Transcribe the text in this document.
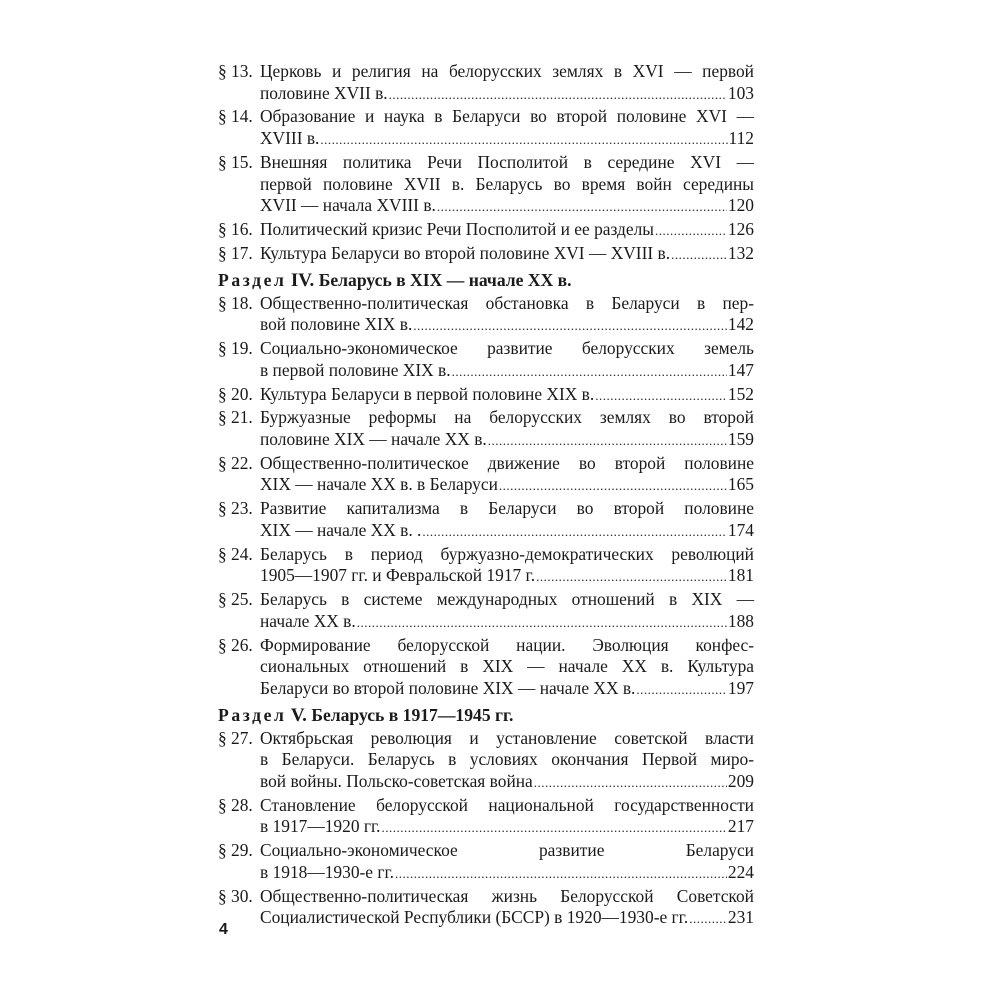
§ 13. Церковь и религия на белорусских землях в XVI — первой
половине XVII в. .....	103
§ 14. Образование и наука в Беларуси во второй половине XVI —
XVIII в. .....	112
§ 15. Внешняя политика Речи Посполитой в середине XVI —
первой половине XVII в. Беларусь во время войн середины
XVII — начала XVIII в. .....	120
§ 16. Политический кризис Речи Посполитой и ее разделы .....	126
§ 17. Культура Беларуси во второй половине XVI — XVIII в. .....	132
Раздел IV. Беларусь в XIX — начале XX в.
§ 18. Общественно-политическая обстановка в Беларуси в пер-
вой половине XIX в. .....	142
§ 19. Социально-экономическое развитие белорусских земель
в первой половине XIX в. .....	147
§ 20. Культура Беларуси в первой половине XIX в. .....	152
§ 21. Буржуазные реформы на белорусских землях во второй
половине XIX — начале XX в. .....	159
§ 22. Общественно-политическое движение во второй половине
XIX — начале XX в. в Беларуси .....	165
§ 23. Развитие капитализма в Беларуси во второй половине
XIX — начале XX в. . .....	174
§ 24. Беларусь в период буржуазно-демократических революций
1905—1907 гг. и Февральской 1917 г. .....	181
§ 25. Беларусь в системе международных отношений в XIX —
начале XX в. .....	188
§ 26. Формирование белорусской нации. Эволюция конфес-
сиональных отношений в XIX — начале XX в. Культура
Беларуси во второй половине XIX — начале XX в. .....	197
Раздел V. Беларусь в 1917—1945 гг.
§ 27. Октябрьская революция и установление советской власти
в Беларуси. Беларусь в условиях окончания Первой миро-
вой войны. Польско-советская война .....	209
§ 28. Становление белорусской национальной государственности
в 1917—1920 гг. .....	217
§ 29. Социально-экономическое развитие Беларуси
в 1918—1930-е гг. .....	224
§ 30. Общественно-политическая жизнь Белорусской Советской
Социалистической Республики (БССР) в 1920—1930-е гг. ..... 231
4
